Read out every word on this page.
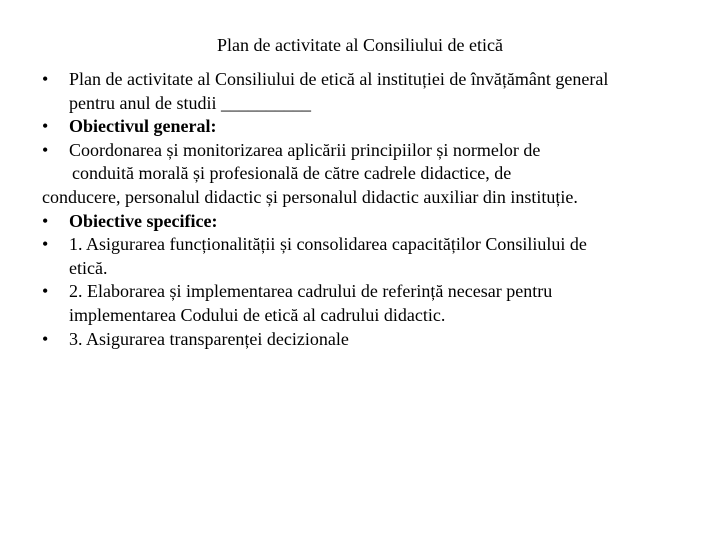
Plan de activitate al Consiliului de etică
• Plan de activitate al Consiliului de etică al instituției de învățământ general
pentru anul de studii __________
• Obiectivul general:
• Coordonarea și monitorizarea aplicării principiilor și normelor de
conduită morală și profesională de către cadrele didactice, de
conducere, personalul didactic și personalul didactic auxiliar din instituție.
• Obiective specifice:
• 1. Asigurarea funcționalității și consolidarea capacităților Consiliului de
etică.
• 2. Elaborarea și implementarea cadrului de referință necesar pentru
implementarea Codului de etică al cadrului didactic.
• 3. Asigurarea transparenței decizionale
